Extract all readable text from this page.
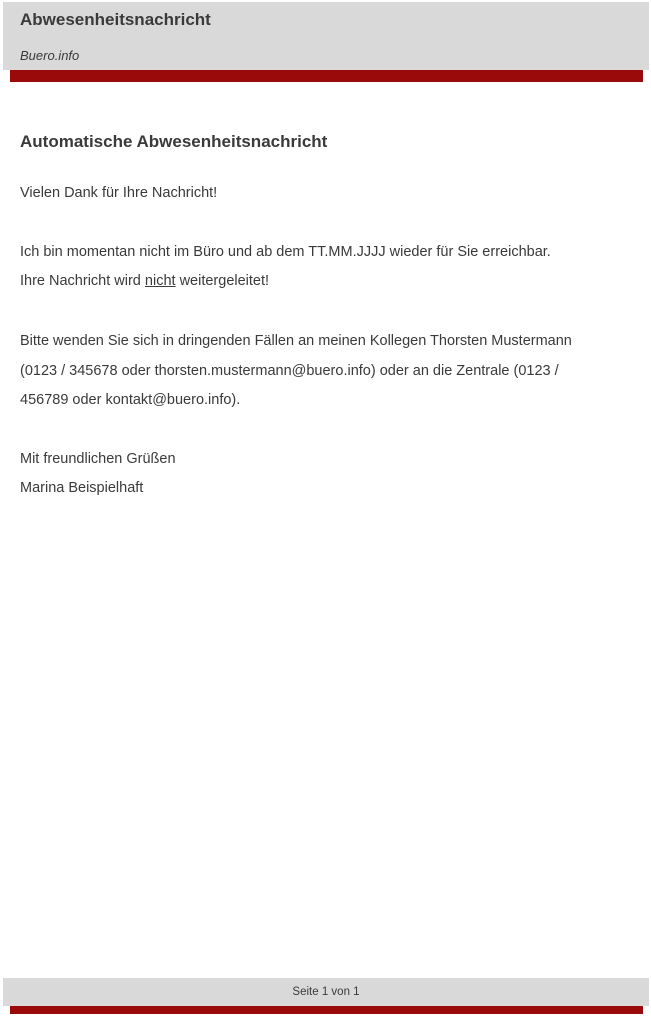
Abwesenheitsnachricht
Buero.info
Automatische Abwesenheitsnachricht
Vielen Dank für Ihre Nachricht!
Ich bin momentan nicht im Büro und ab dem TT.MM.JJJJ wieder für Sie erreichbar.
Ihre Nachricht wird nicht weitergeleitet!
Bitte wenden Sie sich in dringenden Fällen an meinen Kollegen Thorsten Mustermann
(0123 / 345678 oder thorsten.mustermann@buero.info) oder an die Zentrale (0123 /
456789 oder kontakt@buero.info).
Mit freundlichen Grüßen
Marina Beispielhaft
Seite 1 von 1
